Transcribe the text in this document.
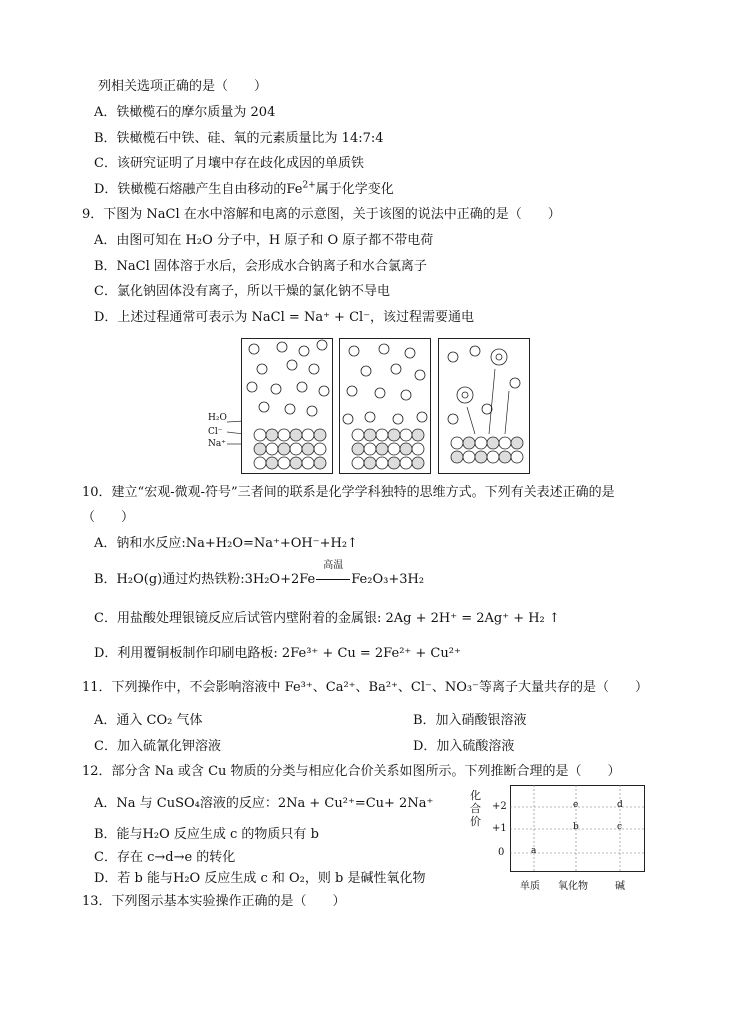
列相关选项正确的是（　　）
A．铁橄榄石的摩尔质量为 204
B．铁橄榄石中铁、硅、氧的元素质量比为 14:7:4
C．该研究证明了月壤中存在歧化成因的单质铁
D．铁橄榄石熔融产生自由移动的$Fe^{2+}$属于化学变化
9．下图为 NaCl 在水中溶解和电离的示意图，关于该图的说法中正确的是（　　）
A．由图可知在 H₂O 分子中，H 原子和 O 原子都不带电荷
B．NaCl 固体溶于水后，会形成水合钠离子和水合氯离子
C．氯化钠固体没有离子，所以干燥的氯化钠不导电
D．上述过程通常可表示为 NaCl = Na⁺ + Cl⁻，该过程需要通电
H₂O
Cl⁻
Na⁺
10．建立“宏观-微观-符号”三者间的联系是化学学科独特的思维方式。下列有关表述正确的是
（　　）
A．钠和水反应:Na+H₂O=Na⁺+OH⁻+H₂↑
B．H₂O(g)通过灼热铁粉:3H₂O+2Fe
高温
Fe₂O₃+3H₂
C．用盐酸处理银镜反应后试管内壁附着的金属银: 2Ag + 2H⁺ = 2Ag⁺ + H₂ ↑
D．利用覆铜板制作印刷电路板: 2Fe³⁺ + Cu = 2Fe²⁺ + Cu²⁺
11．下列操作中，不会影响溶液中 Fe³⁺、Ca²⁺、Ba²⁺、Cl⁻、NO₃⁻等离子大量共存的是（　　）
A．通入 CO₂ 气体	B．加入硝酸银溶液
C．加入硫氰化钾溶液	D．加入硫酸溶液
12．部分含 Na 或含 Cu 物质的分类与相应化合价关系如图所示。下列推断合理的是（　　）
A．Na 与 CuSO₄溶液的反应：2Na + Cu²⁺=Cu+ 2Na⁺
B．能与H₂O 反应生成 c 的物质只有 b
C．存在 c→d→e 的转化
D．若 b 能与H₂O 反应生成 c 和 O₂，则 b 是碱性氧化物
化合价
+2
+1
0	a
b	c
d
e
单质 氧化物	碱
13．下列图示基本实验操作正确的是（　　）
